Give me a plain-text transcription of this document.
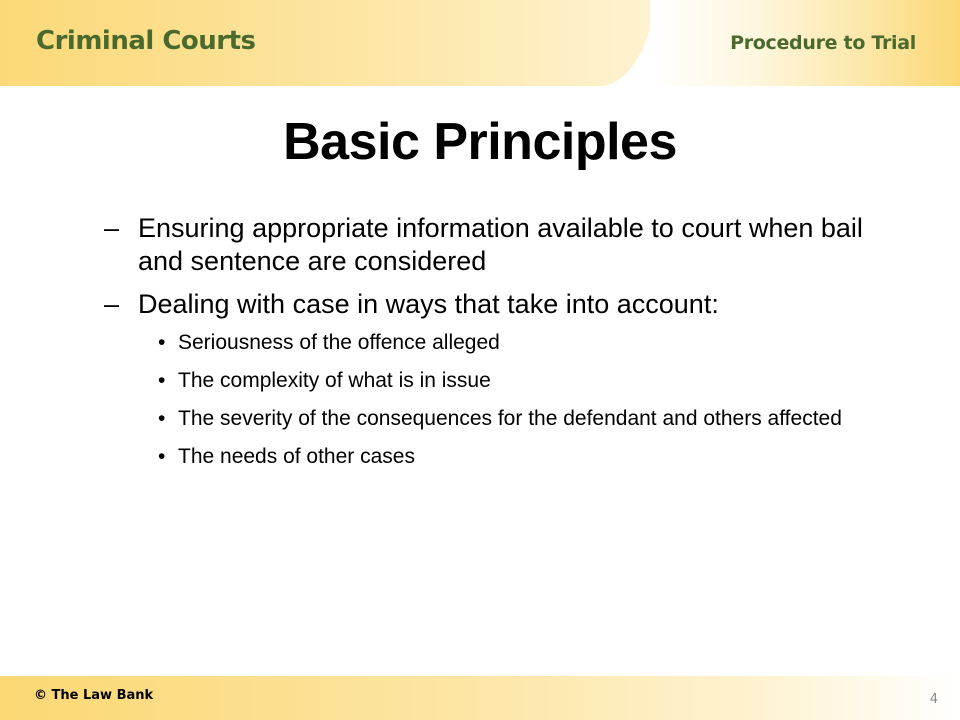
Criminal Courts	Procedure to Trial
Basic Principles
– Ensuring appropriate information available to court when bail and sentence are considered
– Dealing with case in ways that take into account:
• Seriousness of the offence alleged
• The complexity of what is in issue
• The severity of the consequences for the defendant and others affected
• The needs of other cases
© The Law Bank	4
